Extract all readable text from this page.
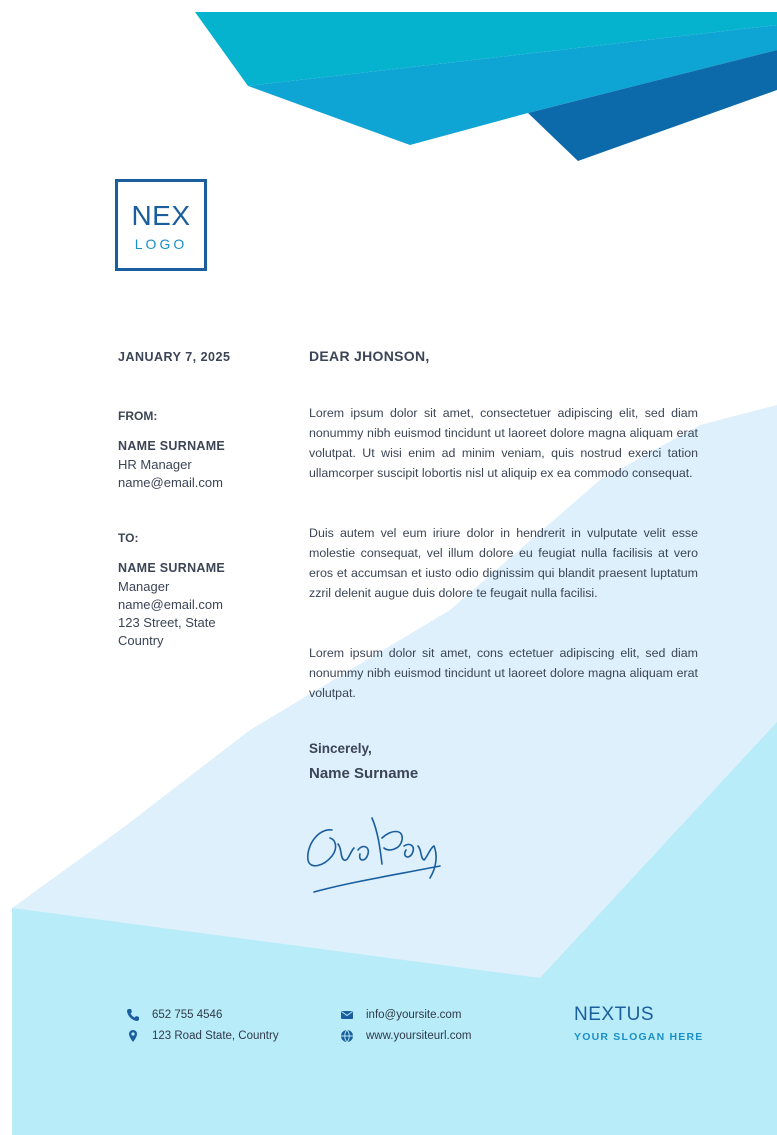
NEX
LOGO
JANUARY 7, 2025
FROM:
NAME SURNAME
HR Manager
name@email.com
TO:
NAME SURNAME
Manager
name@email.com
123 Street, State
Country
DEAR JHONSON,
Lorem ipsum dolor sit amet, consectetuer adipiscing elit, sed diam nonummy nibh euismod tincidunt ut laoreet dolore magna aliquam erat volutpat. Ut wisi enim ad minim veniam, quis nostrud exerci tation ullamcorper suscipit lobortis nisl ut aliquip ex ea commodo consequat.
Duis autem vel eum iriure dolor in hendrerit in vulputate velit esse molestie consequat, vel illum dolore eu feugiat nulla facilisis at vero eros et accumsan et iusto odio dignissim qui blandit praesent luptatum zzril delenit augue duis dolore te feugait nulla facilisi.
Lorem ipsum dolor sit amet, cons ectetuer adipiscing elit, sed diam nonummy nibh euismod tincidunt ut laoreet dolore magna aliquam erat volutpat.
Sincerely,
Name Surname
652 755 4546
123 Road State, Country
info@yoursite.com
www.yoursiteurl.com
NEXTUS
YOUR SLOGAN HERE
